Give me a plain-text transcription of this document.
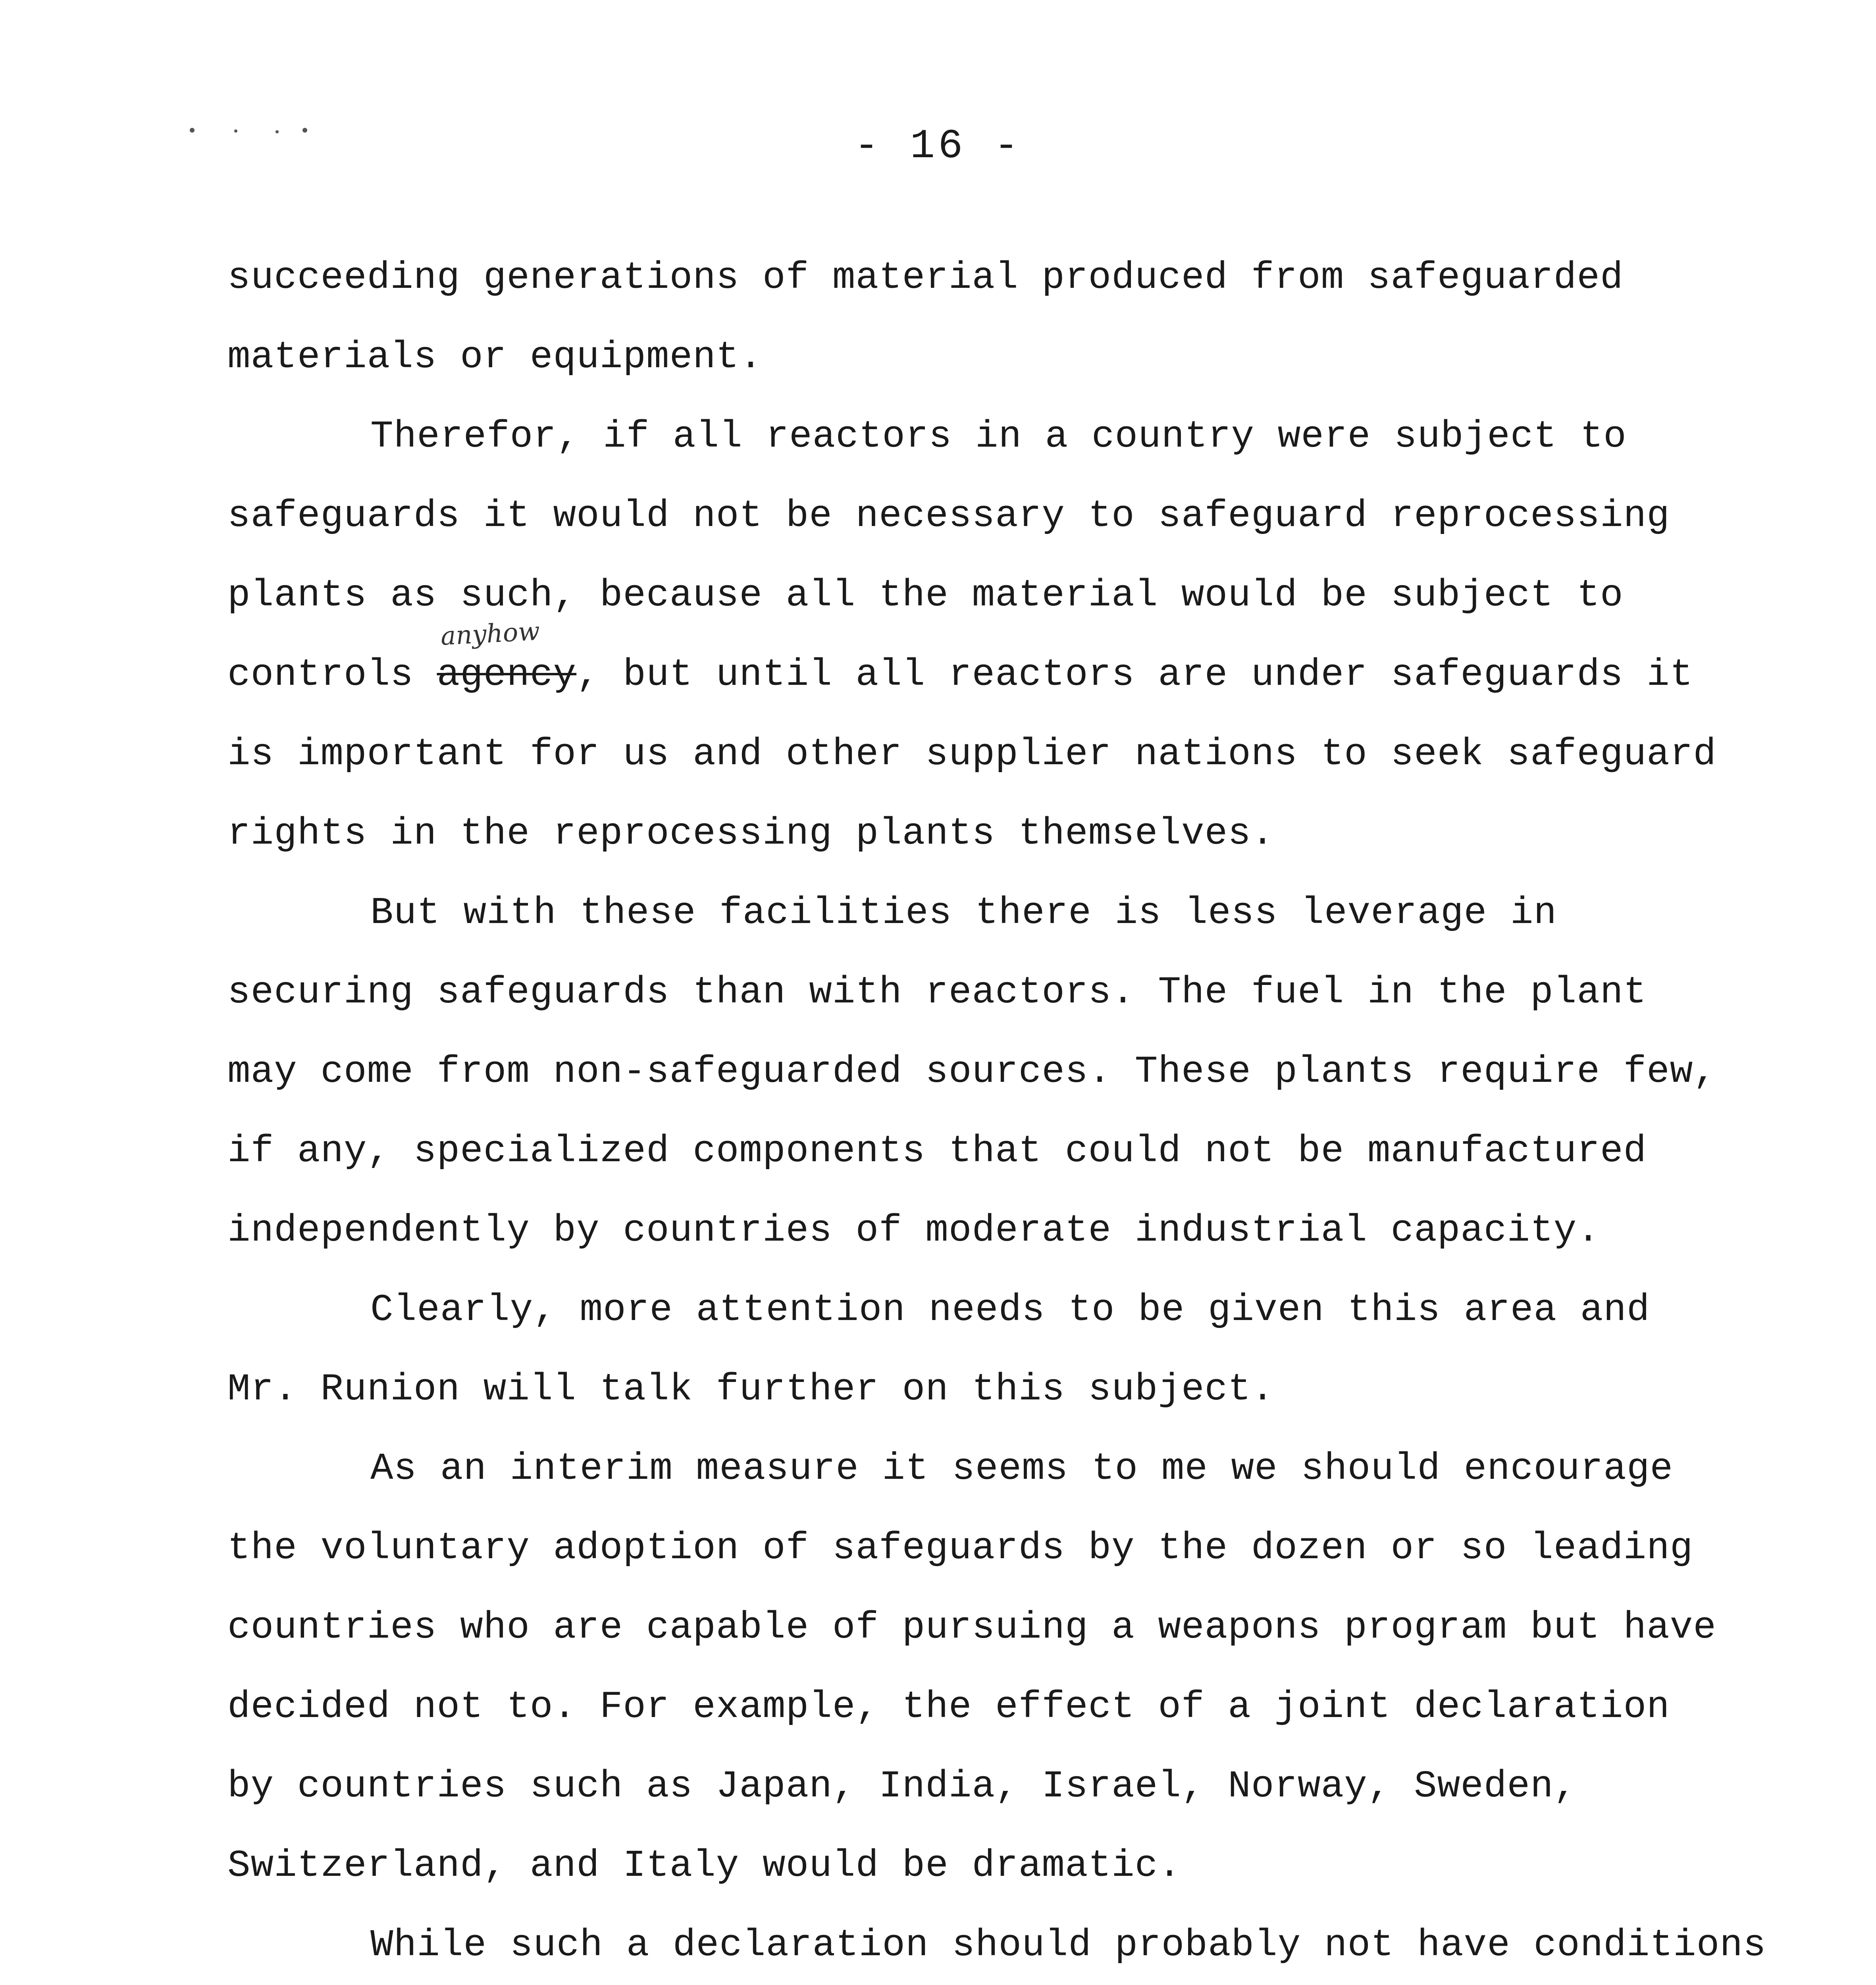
- 16 -
anyhow

succeeding generations of material produced from safeguarded
materials or equipment.

Therefor, if all reactors in a country were subject to
safeguards it would not be necessary to safeguard reprocessing
plants as such, because all the material would be subject to
controls agency, but until all reactors are under safeguards it
is important for us and other supplier nations to seek safeguard
rights in the reprocessing plants themselves.

But with these facilities there is less leverage in
securing safeguards than with reactors. The fuel in the plant
may come from non-safeguarded sources. These plants require few,
if any, specialized components that could not be manufactured
independently by countries of moderate industrial capacity.

Clearly, more attention needs to be given this area and
Mr. Runion will talk further on this subject.

As an interim measure it seems to me we should encourage
the voluntary adoption of safeguards by the dozen or so leading
countries who are capable of pursuing a weapons program but have
decided not to. For example, the effect of a joint declaration
by countries such as Japan, India, Israel, Norway, Sweden,
Switzerland, and Italy would be dramatic.

While such a declaration should probably not have conditions
